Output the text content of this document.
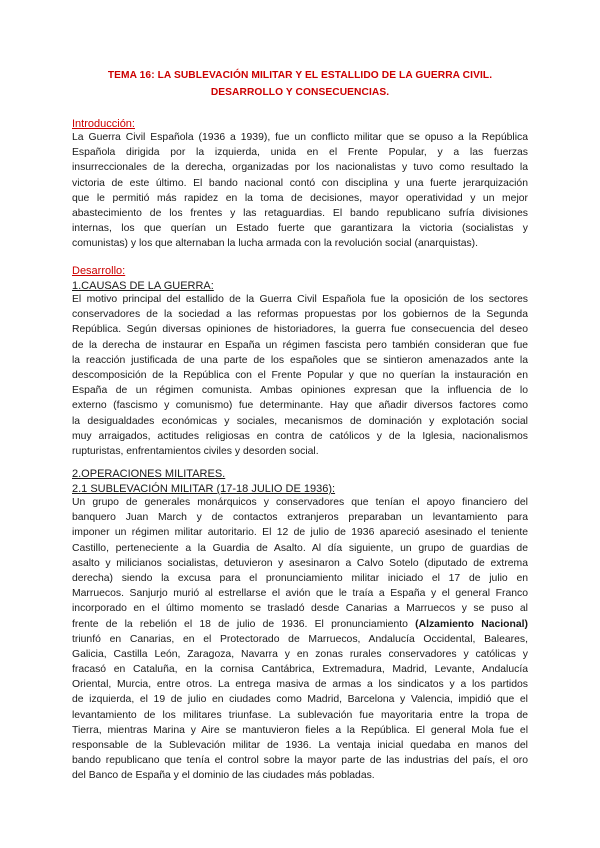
TEMA 16: LA SUBLEVACIÓN MILITAR Y EL ESTALLIDO DE LA GUERRA CIVIL.
DESARROLLO Y CONSECUENCIAS.
Introducción:
La Guerra Civil Española (1936 a 1939), fue un conflicto militar que se opuso a la República
Española dirigida por la izquierda, unida en el Frente Popular, y a las fuerzas
insurreccionales de la derecha, organizadas por los nacionalistas y tuvo como resultado la
victoria de este último. El bando nacional contó con disciplina y una fuerte jerarquización
que le permitió más rapidez en la toma de decisiones, mayor operatividad y un mejor
abastecimiento de los frentes y las retaguardias. El bando republicano sufría divisiones
internas, los que querían un Estado fuerte que garantizara la victoria (socialistas y
comunistas) y los que alternaban la lucha armada con la revolución social (anarquistas).
Desarrollo:
1.CAUSAS DE LA GUERRA:
El motivo principal del estallido de la Guerra Civil Española fue la oposición de los sectores
conservadores de la sociedad a las reformas propuestas por los gobiernos de la Segunda
República. Según diversas opiniones de historiadores, la guerra fue consecuencia del deseo
de la derecha de instaurar en España un régimen fascista pero también consideran que fue
la reacción justificada de una parte de los españoles que se sintieron amenazados ante la
descomposición de la República con el Frente Popular y que no querían la instauración en
España de un régimen comunista. Ambas opiniones expresan que la influencia de lo
externo (fascismo y comunismo) fue determinante. Hay que añadir diversos factores como
la desigualdades económicas y sociales, mecanismos de dominación y explotación social
muy arraigados, actitudes religiosas en contra de católicos y de la Iglesia, nacionalismos
rupturistas, enfrentamientos civiles y desorden social.
2.OPERACIONES MILITARES.
2.1 SUBLEVACIÓN MILITAR (17-18 JULIO DE 1936):
Un grupo de generales monárquicos y conservadores que tenían el apoyo financiero del
banquero Juan March y de contactos extranjeros preparaban un levantamiento para
imponer un régimen militar autoritario. El 12 de julio de 1936 apareció asesinado el teniente
Castillo, perteneciente a la Guardia de Asalto. Al día siguiente, un grupo de guardias de
asalto y milicianos socialistas, detuvieron y asesinaron a Calvo Sotelo (diputado de extrema
derecha) siendo la excusa para el pronunciamiento militar iniciado el 17 de julio en
Marruecos. Sanjurjo murió al estrellarse el avión que le traía a España y el general Franco
incorporado en el último momento se trasladó desde Canarias a Marruecos y se puso al
frente de la rebelión el 18 de julio de 1936. El pronunciamiento (Alzamiento Nacional)
triunfó en Canarias, en el Protectorado de Marruecos, Andalucía Occidental, Baleares,
Galicia, Castilla León, Zaragoza, Navarra y en zonas rurales conservadores y católicas y
fracasó en Cataluña, en la cornisa Cantábrica, Extremadura, Madrid, Levante, Andalucía
Oriental, Murcia, entre otros. La entrega masiva de armas a los sindicatos y a los partidos
de izquierda, el 19 de julio en ciudades como Madrid, Barcelona y Valencia, impidió que el
levantamiento de los militares triunfase. La sublevación fue mayoritaria entre la tropa de
Tierra, mientras Marina y Aire se mantuvieron fieles a la República. El general Mola fue el
responsable de la Sublevación militar de 1936. La ventaja inicial quedaba en manos del
bando republicano que tenía el control sobre la mayor parte de las industrias del país, el oro
del Banco de España y el dominio de las ciudades más pobladas.
